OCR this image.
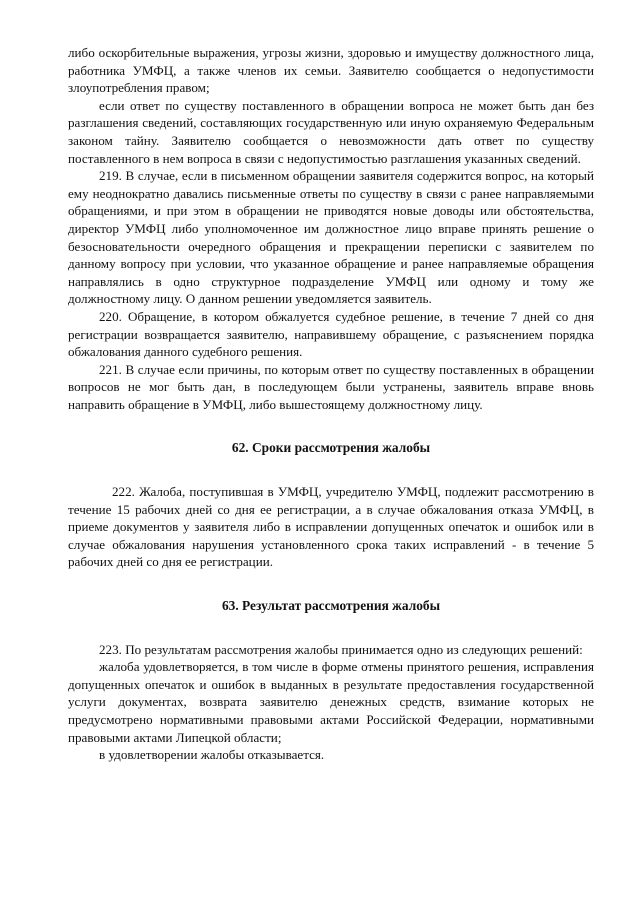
либо оскорбительные выражения, угрозы жизни, здоровью и имуществу должностного лица, работника УМФЦ, а также членов их семьи. Заявителю сообщается о недопустимости злоупотребления правом;

если ответ по существу поставленного в обращении вопроса не может быть дан без разглашения сведений, составляющих государственную или иную охраняемую Федеральным законом тайну. Заявителю сообщается о невозможности дать ответ по существу поставленного в нем вопроса в связи с недопустимостью разглашения указанных сведений.

219. В случае, если в письменном обращении заявителя содержится вопрос, на который ему неоднократно давались письменные ответы по существу в связи с ранее направляемыми обращениями, и при этом в обращении не приводятся новые доводы или обстоятельства, директор УМФЦ либо уполномоченное им должностное лицо вправе принять решение о безосновательности очередного обращения и прекращении переписки с заявителем по данному вопросу при условии, что указанное обращение и ранее направляемые обращения направлялись в одно структурное подразделение УМФЦ или одному и тому же должностному лицу. О данном решении уведомляется заявитель.

220. Обращение, в котором обжалуется судебное решение, в течение 7 дней со дня регистрации возвращается заявителю, направившему обращение, с разъяснением порядка обжалования данного судебного решения.

221. В случае если причины, по которым ответ по существу поставленных в обращении вопросов не мог быть дан, в последующем были устранены, заявитель вправе вновь направить обращение в УМФЦ, либо вышестоящему должностному лицу.

62. Сроки рассмотрения жалобы

222. Жалоба, поступившая в УМФЦ, учредителю УМФЦ, подлежит рассмотрению в течение 15 рабочих дней со дня ее регистрации, а в случае обжалования отказа УМФЦ, в приеме документов у заявителя либо в исправлении допущенных опечаток и ошибок или в случае обжалования нарушения установленного срока таких исправлений - в течение 5 рабочих дней со дня ее регистрации.

63. Результат рассмотрения жалобы

223. По результатам рассмотрения жалобы принимается одно из следующих решений:

жалоба удовлетворяется, в том числе в форме отмены принятого решения, исправления допущенных опечаток и ошибок в выданных в результате предоставления государственной услуги документах, возврата заявителю денежных средств, взимание которых не предусмотрено нормативными правовыми актами Российской Федерации, нормативными правовыми актами Липецкой области;

в удовлетворении жалобы отказывается.
